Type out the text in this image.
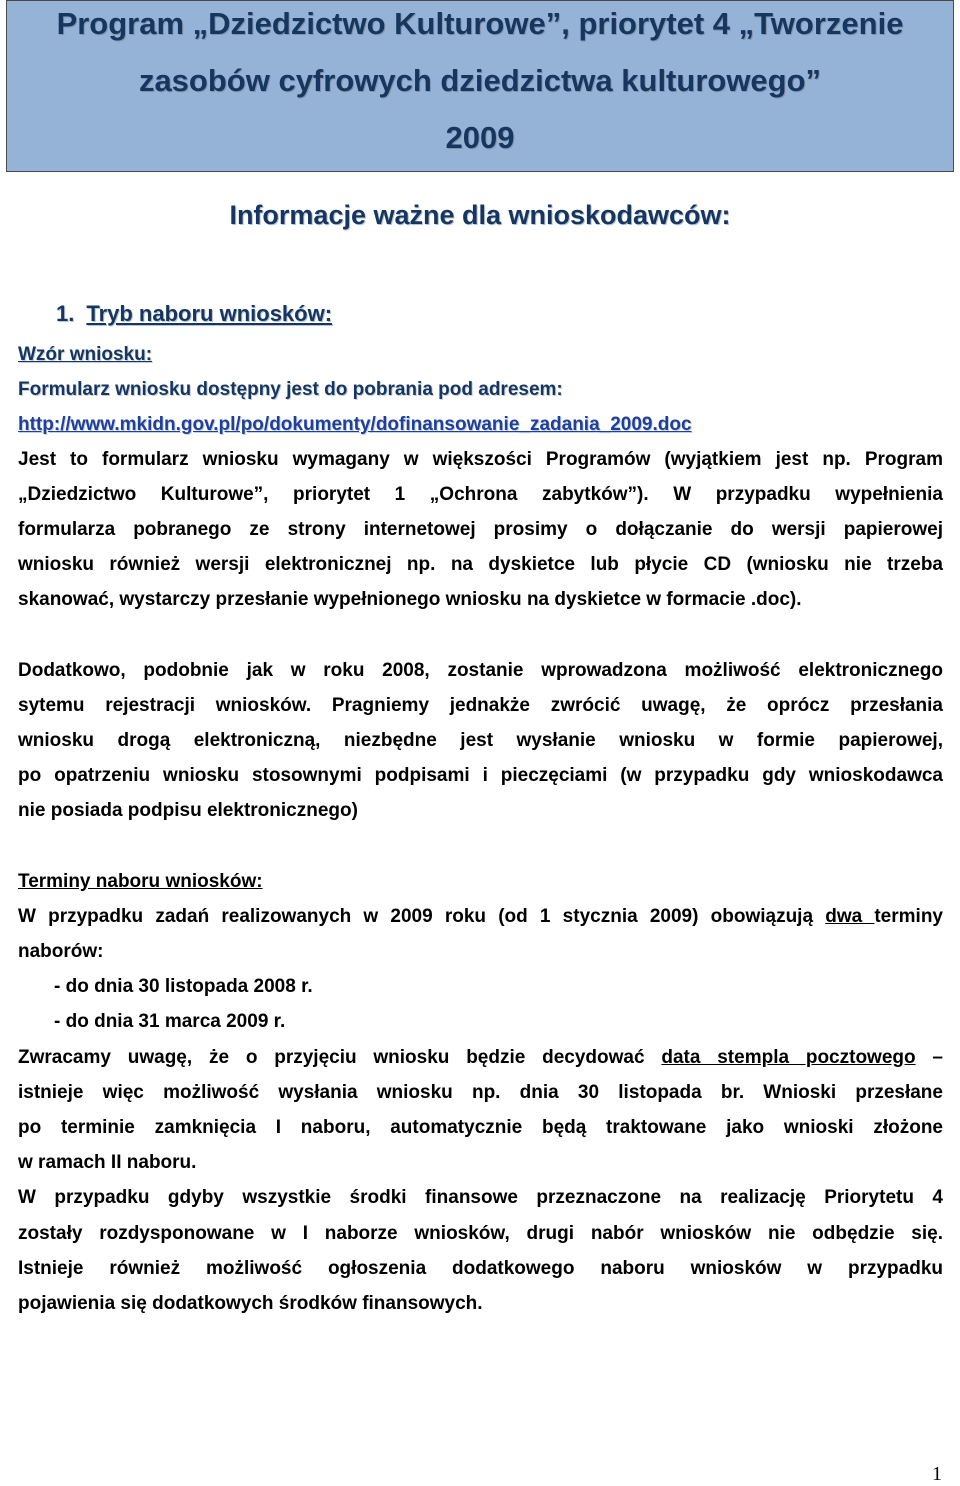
Program „Dziedzictwo Kulturowe”, priorytet 4 „Tworzenie
zasobów cyfrowych dziedzictwa kulturowego”
2009
Informacje ważne dla wnioskodawców:
1. Tryb naboru wniosków:
Wzór wniosku:
Formularz wniosku dostępny jest do pobrania pod adresem:
http://www.mkidn.gov.pl/po/dokumenty/dofinansowanie_zadania_2009.doc
Jest to formularz wniosku wymagany w większości Programów (wyjątkiem jest np. Program
„Dziedzictwo Kulturowe”, priorytet 1 „Ochrona zabytków”). W przypadku wypełnienia
formularza pobranego ze strony internetowej prosimy o dołączanie do wersji papierowej
wniosku również wersji elektronicznej np. na dyskietce lub płycie CD (wniosku nie trzeba
skanować, wystarczy przesłanie wypełnionego wniosku na dyskietce w formacie .doc).
Dodatkowo, podobnie jak w roku 2008, zostanie wprowadzona możliwość elektronicznego
sytemu rejestracji wniosków. Pragniemy jednakże zwrócić uwagę, że oprócz przesłania
wniosku drogą elektroniczną, niezbędne jest wysłanie wniosku w formie papierowej,
po opatrzeniu wniosku stosownymi podpisami i pieczęciami (w przypadku gdy wnioskodawca
nie posiada podpisu elektronicznego)
Terminy naboru wniosków:
W przypadku zadań realizowanych w 2009 roku (od 1 stycznia 2009) obowiązują dwa terminy
naborów:
- do dnia 30 listopada 2008 r.
- do dnia 31 marca 2009 r.
Zwracamy uwagę, że o przyjęciu wniosku będzie decydować data stempla pocztowego –
istnieje więc możliwość wysłania wniosku np. dnia 30 listopada br. Wnioski przesłane
po terminie zamknięcia I naboru, automatycznie będą traktowane jako wnioski złożone
w ramach II naboru.
W przypadku gdyby wszystkie środki finansowe przeznaczone na realizację Priorytetu 4
zostały rozdysponowane w I naborze wniosków, drugi nabór wniosków nie odbędzie się.
Istnieje również możliwość ogłoszenia dodatkowego naboru wniosków w przypadku
pojawienia się dodatkowych środków finansowych.
1
